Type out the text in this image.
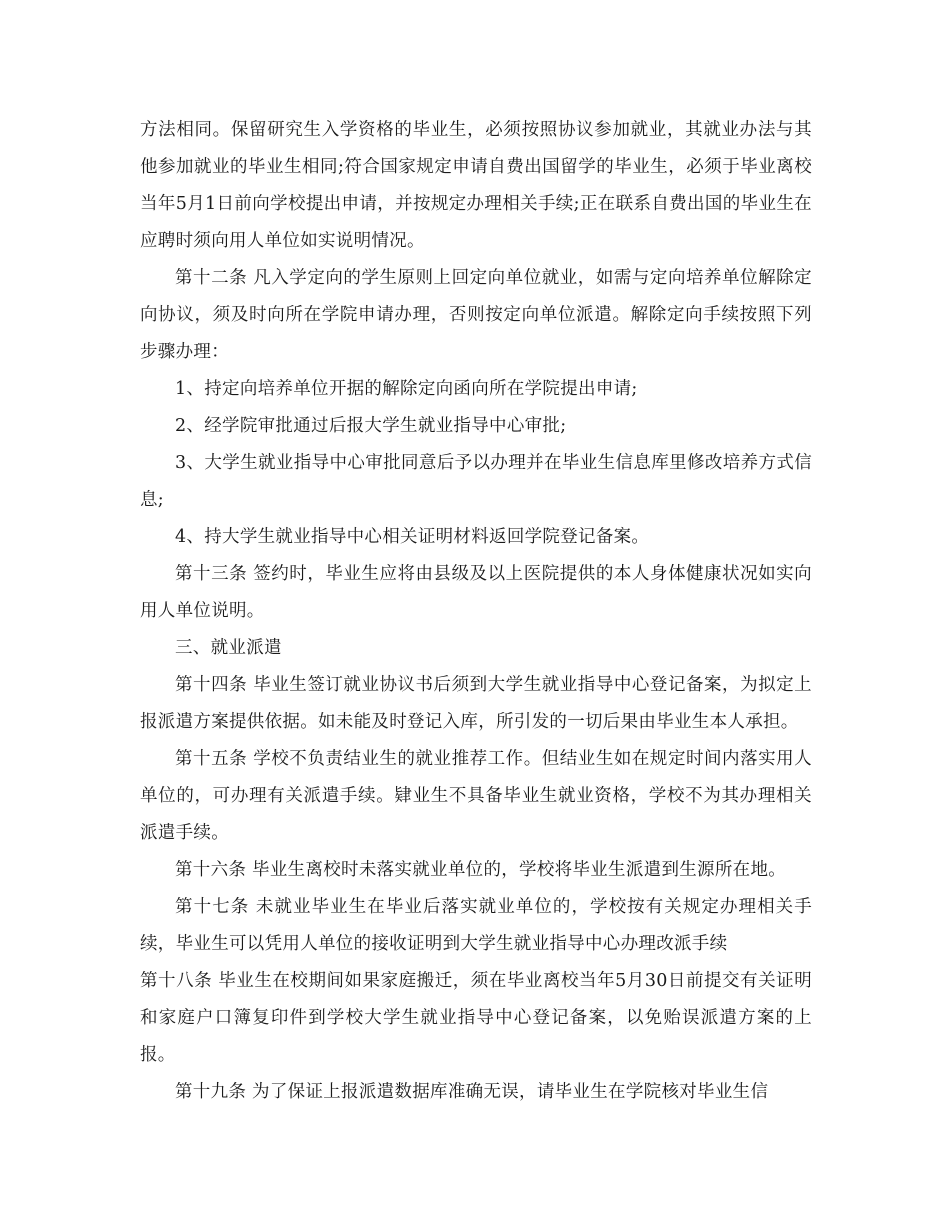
方法相同。保留研究生入学资格的毕业生，必须按照协议参加就业，其就业办法与其他参加就业的毕业生相同;符合国家规定申请自费出国留学的毕业生，必须于毕业离校当年5月1日前向学校提出申请，并按规定办理相关手续;正在联系自费出国的毕业生在应聘时须向用人单位如实说明情况。

第十二条 凡入学定向的学生原则上回定向单位就业，如需与定向培养单位解除定向协议，须及时向所在学院申请办理，否则按定向单位派遣。解除定向手续按照下列步骤办理：

1、持定向培养单位开据的解除定向函向所在学院提出申请;

2、经学院审批通过后报大学生就业指导中心审批;

3、大学生就业指导中心审批同意后予以办理并在毕业生信息库里修改培养方式信息;

4、持大学生就业指导中心相关证明材料返回学院登记备案。

第十三条 签约时，毕业生应将由县级及以上医院提供的本人身体健康状况如实向用人单位说明。

三、就业派遣

第十四条 毕业生签订就业协议书后须到大学生就业指导中心登记备案，为拟定上报派遣方案提供依据。如未能及时登记入库，所引发的一切后果由毕业生本人承担。

第十五条 学校不负责结业生的就业推荐工作。但结业生如在规定时间内落实用人单位的，可办理有关派遣手续。肄业生不具备毕业生就业资格，学校不为其办理相关派遣手续。

第十六条 毕业生离校时未落实就业单位的，学校将毕业生派遣到生源所在地。

第十七条 未就业毕业生在毕业后落实就业单位的，学校按有关规定办理相关手续，毕业生可以凭用人单位的接收证明到大学生就业指导中心办理改派手续

第十八条 毕业生在校期间如果家庭搬迁，须在毕业离校当年5月30日前提交有关证明和家庭户口簿复印件到学校大学生就业指导中心登记备案，以免贻误派遣方案的上报。

第十九条 为了保证上报派遣数据库准确无误，请毕业生在学院核对毕业生信
